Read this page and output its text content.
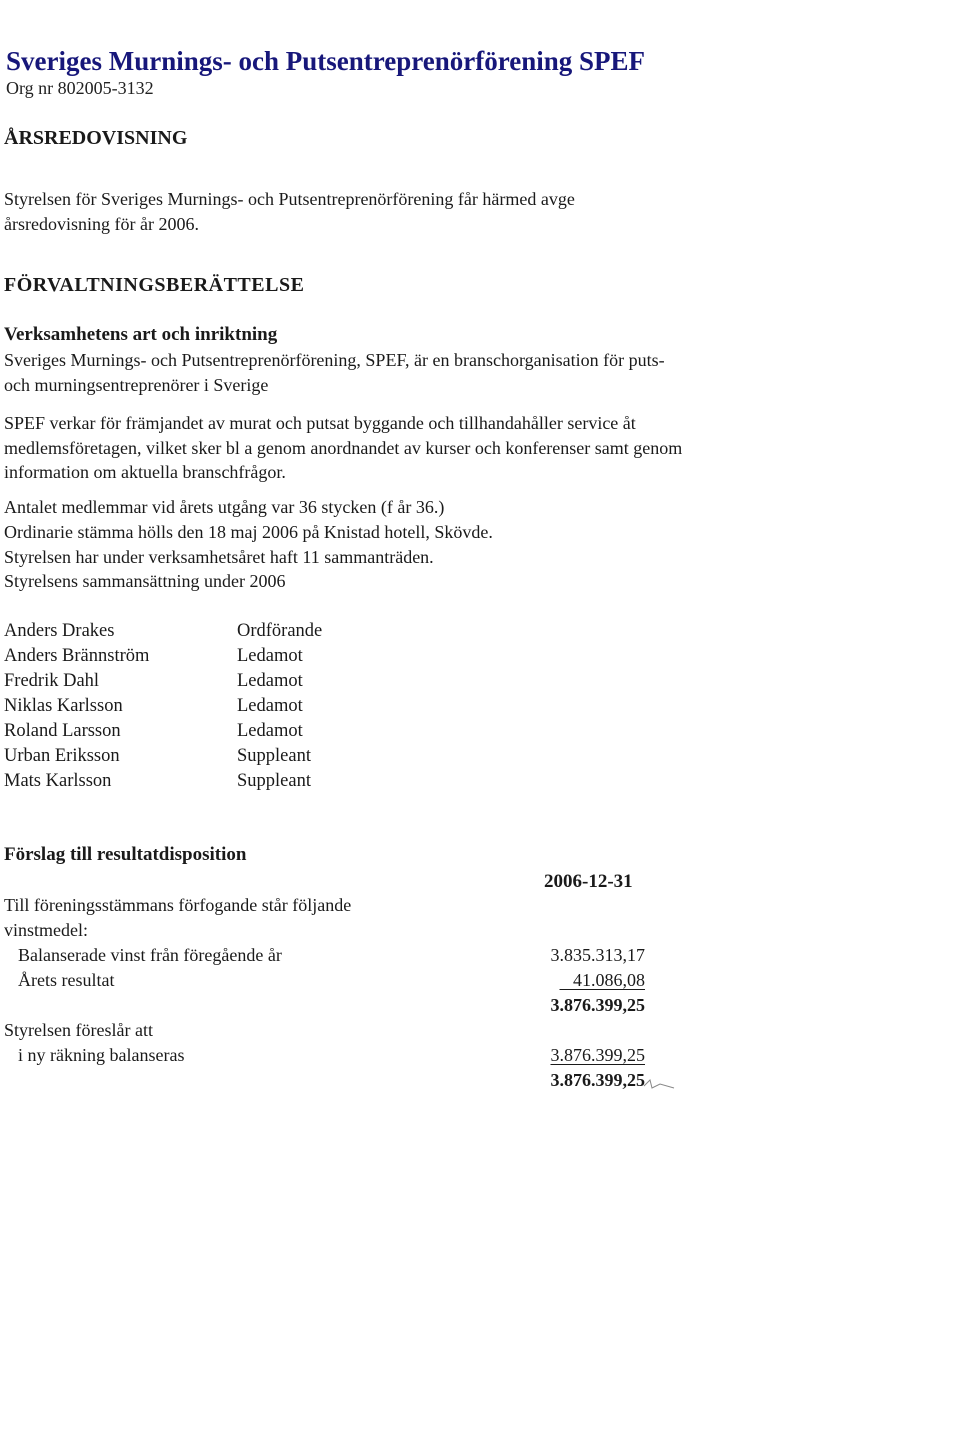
Sveriges Murnings- och Putsentreprenörförening SPEF
Org nr 802005-3132
ÅRSREDOVISNING
Styrelsen för Sveriges Murnings- och Putsentreprenörförening får härmed avge
årsredovisning för år 2006.
FÖRVALTNINGSBERÄTTELSE
Verksamhetens art och inriktning
Sveriges Murnings- och Putsentreprenörförening, SPEF, är en branschorganisation för puts-
och murningsentreprenörer i Sverige
SPEF verkar för främjandet av murat och putsat byggande och tillhandahåller service åt
medlemsföretagen, vilket sker bl a genom anordnandet av kurser och konferenser samt genom
information om aktuella branschfrågor.
Antalet medlemmar vid årets utgång var 36 stycken (f år 36.)
Ordinarie stämma hölls den 18 maj 2006 på Knistad hotell, Skövde.
Styrelsen har under verksamhetsåret haft 11 sammanträden.
Styrelsens sammansättning under 2006
Anders Drakes	Ordförande
Anders Brännström	Ledamot
Fredrik Dahl	Ledamot
Niklas Karlsson	Ledamot
Roland Larsson	Ledamot
Urban Eriksson	Suppleant
Mats Karlsson	Suppleant
Förslag till resultatdisposition
2006-12-31
Till föreningsstämmans förfogande står följande
vinstmedel:
Balanserade vinst från föregående år	3.835.313,17
Årets resultat	41.086,08
3.876.399,25
Styrelsen föreslår att
i ny räkning balanseras	3.876.399,25
3.876.399,25
